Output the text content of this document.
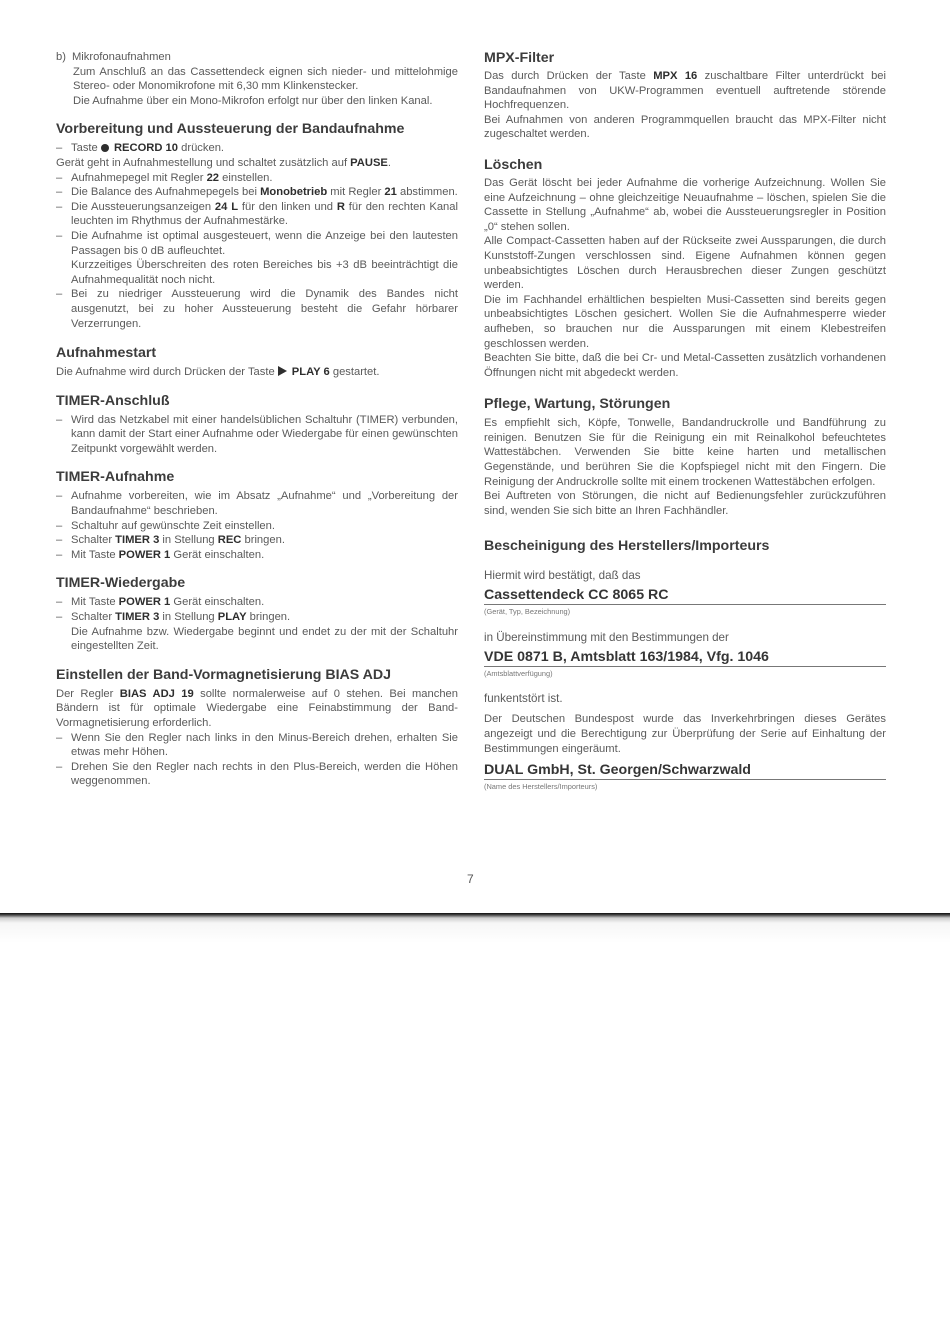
b) Mikrofonaufnahmen

Zum Anschluß an das Cassettendeck eignen sich nieder- und mittelohmige Stereo- oder Monomikrofone mit 6,30 mm Klinkenstecker.

Die Aufnahme über ein Mono-Mikrofon erfolgt nur über den linken Kanal.

Vorbereitung und Aussteuerung der Bandaufnahme

– Taste RECORD 10 drücken.

Gerät geht in Aufnahmestellung und schaltet zusätzlich auf PAUSE.

– Aufnahmepegel mit Regler 22 einstellen.

– Die Balance des Aufnahmepegels bei Monobetrieb mit Regler 21 abstimmen.

– Die Aussteuerungsanzeigen 24 L für den linken und R für den rechten Kanal leuchten im Rhythmus der Aufnahmestärke.

– Die Aufnahme ist optimal ausgesteuert, wenn die Anzeige bei den lautesten Passagen bis 0 dB aufleuchtet.

Kurzzeitiges Überschreiten des roten Bereiches bis +3 dB beeinträchtigt die Aufnahmequalität noch nicht.

– Bei zu niedriger Aussteuerung wird die Dynamik des Bandes nicht ausgenutzt, bei zu hoher Aussteuerung besteht die Gefahr hörbarer Verzerrungen.

Aufnahmestart

Die Aufnahme wird durch Drücken der Taste PLAY 6 gestartet.

TIMER-Anschluß

– Wird das Netzkabel mit einer handelsüblichen Schaltuhr (TIMER) verbunden, kann damit der Start einer Aufnahme oder Wiedergabe für einen gewünschten Zeitpunkt vorgewählt werden.

TIMER-Aufnahme

– Aufnahme vorbereiten, wie im Absatz „Aufnahme“ und „Vorbereitung der Bandaufnahme“ beschrieben.

– Schaltuhr auf gewünschte Zeit einstellen.

– Schalter TIMER 3 in Stellung REC bringen.

– Mit Taste POWER 1 Gerät einschalten.

TIMER-Wiedergabe

– Mit Taste POWER 1 Gerät einschalten.

– Schalter TIMER 3 in Stellung PLAY bringen.

Die Aufnahme bzw. Wiedergabe beginnt und endet zu der mit der Schaltuhr eingestellten Zeit.

Einstellen der Band-Vormagnetisierung BIAS ADJ

Der Regler BIAS ADJ 19 sollte normalerweise auf 0 stehen. Bei manchen Bändern ist für optimale Wiedergabe eine Feinabstimmung der Band-Vormagnetisierung erforderlich.

– Wenn Sie den Regler nach links in den Minus-Bereich drehen, erhalten Sie etwas mehr Höhen.

– Drehen Sie den Regler nach rechts in den Plus-Bereich, werden die Höhen weggenommen.

MPX-Filter

Das durch Drücken der Taste MPX 16 zuschaltbare Filter unterdrückt bei Bandaufnahmen von UKW-Programmen eventuell auftretende störende Hochfrequenzen.

Bei Aufnahmen von anderen Programmquellen braucht das MPX-Filter nicht zugeschaltet werden.

Löschen

Das Gerät löscht bei jeder Aufnahme die vorherige Aufzeichnung. Wollen Sie eine Aufzeichnung – ohne gleichzeitige Neuaufnahme – löschen, spielen Sie die Cassette in Stellung „Aufnahme“ ab, wobei die Aussteuerungsregler in Position „0“ stehen sollen.

Alle Compact-Cassetten haben auf der Rückseite zwei Aussparungen, die durch Kunststoff-Zungen verschlossen sind. Eigene Aufnahmen können gegen unbeabsichtigtes Löschen durch Herausbrechen dieser Zungen geschützt werden.

Die im Fachhandel erhältlichen bespielten Musi-Cassetten sind bereits gegen unbeabsichtigtes Löschen gesichert. Wollen Sie die Aufnahmesperre wieder aufheben, so brauchen nur die Aussparungen mit einem Klebestreifen geschlossen werden.

Beachten Sie bitte, daß die bei Cr- und Metal-Cassetten zusätzlich vorhandenen Öffnungen nicht mit abgedeckt werden.

Pflege, Wartung, Störungen

Es empfiehlt sich, Köpfe, Tonwelle, Bandandruckrolle und Bandführung zu reinigen. Benutzen Sie für die Reinigung ein mit Reinalkohol befeuchtetes Wattestäbchen. Verwenden Sie bitte keine harten und metallischen Gegenstände, und berühren Sie die Kopfspiegel nicht mit den Fingern. Die Reinigung der Andruckrolle sollte mit einem trockenen Wattestäbchen erfolgen.

Bei Auftreten von Störungen, die nicht auf Bedienungsfehler zurückzuführen sind, wenden Sie sich bitte an Ihren Fachhändler.

Bescheinigung des Herstellers/Importeurs

Hiermit wird bestätigt, daß das

Cassettendeck CC 8065 RC
(Gerät, Typ, Bezeichnung)

in Übereinstimmung mit den Bestimmungen der

VDE 0871 B, Amtsblatt 163/1984, Vfg. 1046
(Amtsblattverfügung)

funkentstört ist.

Der Deutschen Bundespost wurde das Inverkehrbringen dieses Gerätes angezeigt und die Berechtigung zur Überprüfung der Serie auf Einhaltung der Bestimmungen eingeräumt.

DUAL GmbH, St. Georgen/Schwarzwald
(Name des Herstellers/Importeurs)
7
